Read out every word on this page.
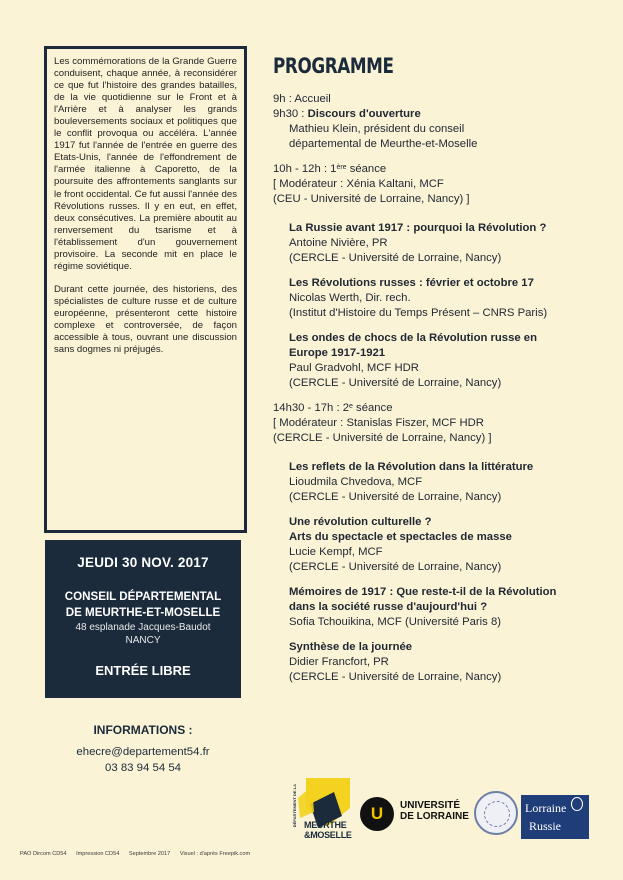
Les commémorations de la Grande Guerre conduisent, chaque année, à reconsidérer ce que fut l'histoire des grandes batailles, de la vie quotidienne sur le Front et à l'Arrière et à analyser les grands bouleversements sociaux et politiques que le conflit provoqua ou accéléra. L'année 1917 fut l'année de l'entrée en guerre des Etats-Unis, l'année de l'effondrement de l'armée italienne à Caporetto, de la poursuite des affrontements sanglants sur le front occidental. Ce fut aussi l'année des Révolutions russes. Il y en eut, en effet, deux consécutives. La première aboutit au renversement du tsarisme et à l'établissement d'un gouvernement provisoire. La seconde mit en place le régime soviétique.

Durant cette journée, des historiens, des spécialistes de culture russe et de culture européenne, présenteront cette histoire complexe et controversée, de façon accessible à tous, ouvrant une discussion sans dogmes ni préjugés.

JEUDI 30 NOV. 2017
CONSEIL DÉPARTEMENTAL
DE MEURTHE-ET-MOSELLE
48 esplanade Jacques-Baudot
NANCY
ENTRÉE LIBRE
INFORMATIONS :
ehecre@departement54.fr
03 83 94 54 54
PAO Dircom CD54 Impression CD54 Septembre 2017 Visuel : d'après Freepik.com
PROGRAMME
9h : Accueil
9h30 : Discours d'ouverture
Mathieu Klein, président du conseil
départemental de Meurthe-et-Moselle
10h - 12h : 1ère séance
[ Modérateur : Xénia Kaltani, MCF
(CEU - Université de Lorraine, Nancy) ]
La Russie avant 1917 : pourquoi la Révolution ?
Antoine Nivière, PR
(CERCLE - Université de Lorraine, Nancy)
Les Révolutions russes : février et octobre 17
Nicolas Werth, Dir. rech.
(Institut d'Histoire du Temps Présent – CNRS Paris)
Les ondes de chocs de la Révolution russe en
Europe 1917-1921
Paul Gradvohl, MCF HDR
(CERCLE - Université de Lorraine, Nancy)
14h30 - 17h : 2e séance
[ Modérateur : Stanislas Fiszer, MCF HDR
(CERCLE - Université de Lorraine, Nancy) ]
Les reflets de la Révolution dans la littérature
Lioudmila Chvedova, MCF
(CERCLE - Université de Lorraine, Nancy)
Une révolution culturelle ?
Arts du spectacle et spectacles de masse
Lucie Kempf, MCF
(CERCLE - Université de Lorraine, Nancy)
Mémoires de 1917 : Que reste-t-il de la Révolution
dans la société russe d'aujourd'hui ?
Sofia Tchouikina, MCF (Université Paris 8)
Synthèse de la journée
Didier Francfort, PR
(CERCLE - Université de Lorraine, Nancy)
DÉPARTEMENT DE LA MEURTHE
&MOSELLE
U	UNIVERSITÉ
DE LORRAINE
Lorraine
Russie
